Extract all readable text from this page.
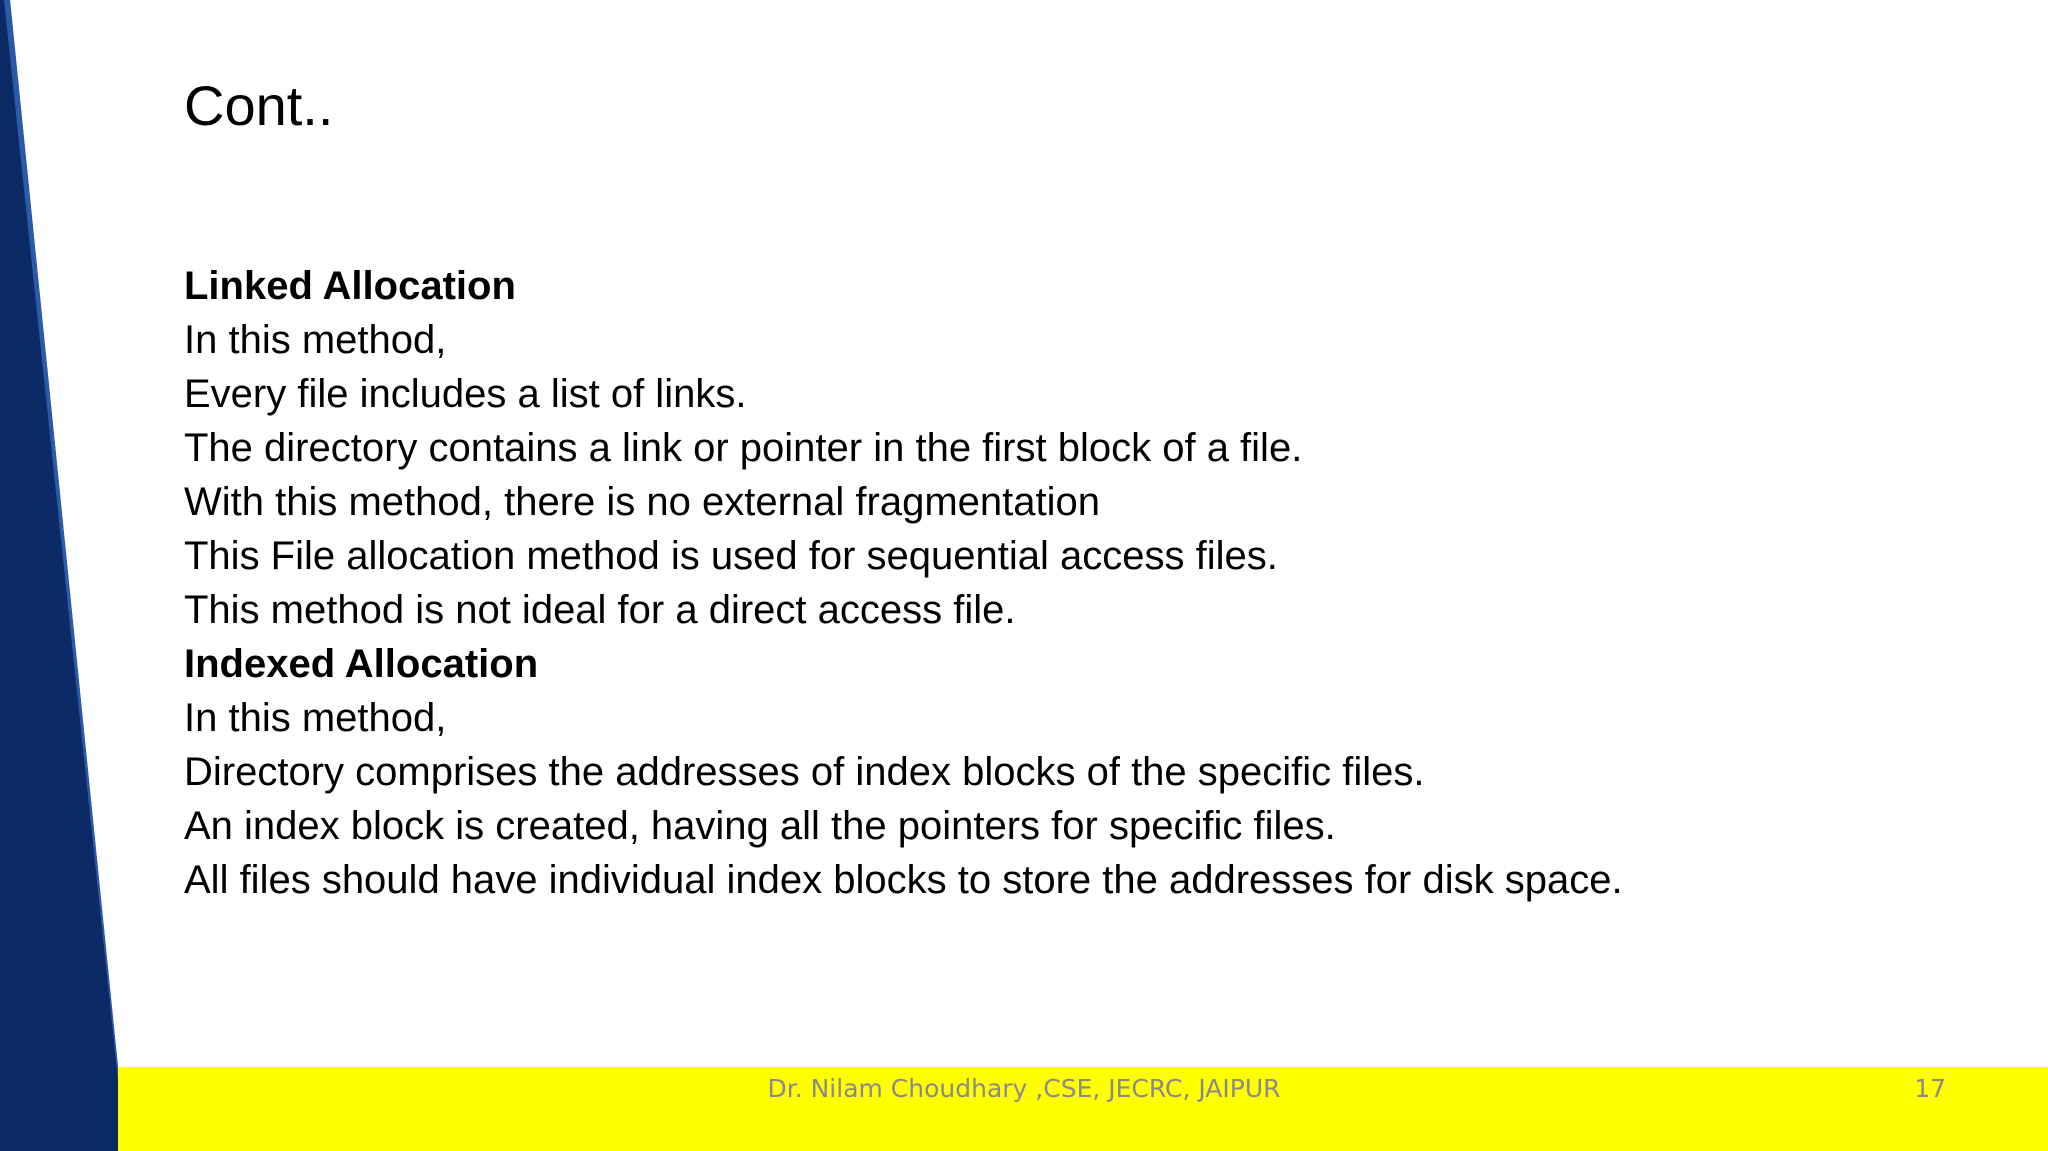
Cont..

Linked Allocation

In this method,

Every file includes a list of links.

The directory contains a link or pointer in the first block of a file.

With this method, there is no external fragmentation

This File allocation method is used for sequential access files.

This method is not ideal for a direct access file.

Indexed Allocation

In this method,

Directory comprises the addresses of index blocks of the specific files.

An index block is created, having all the pointers for specific files.

All files should have individual index blocks to store the addresses for disk space.

Dr. Nilam Choudhary ,CSE, JECRC, JAIPUR	17
